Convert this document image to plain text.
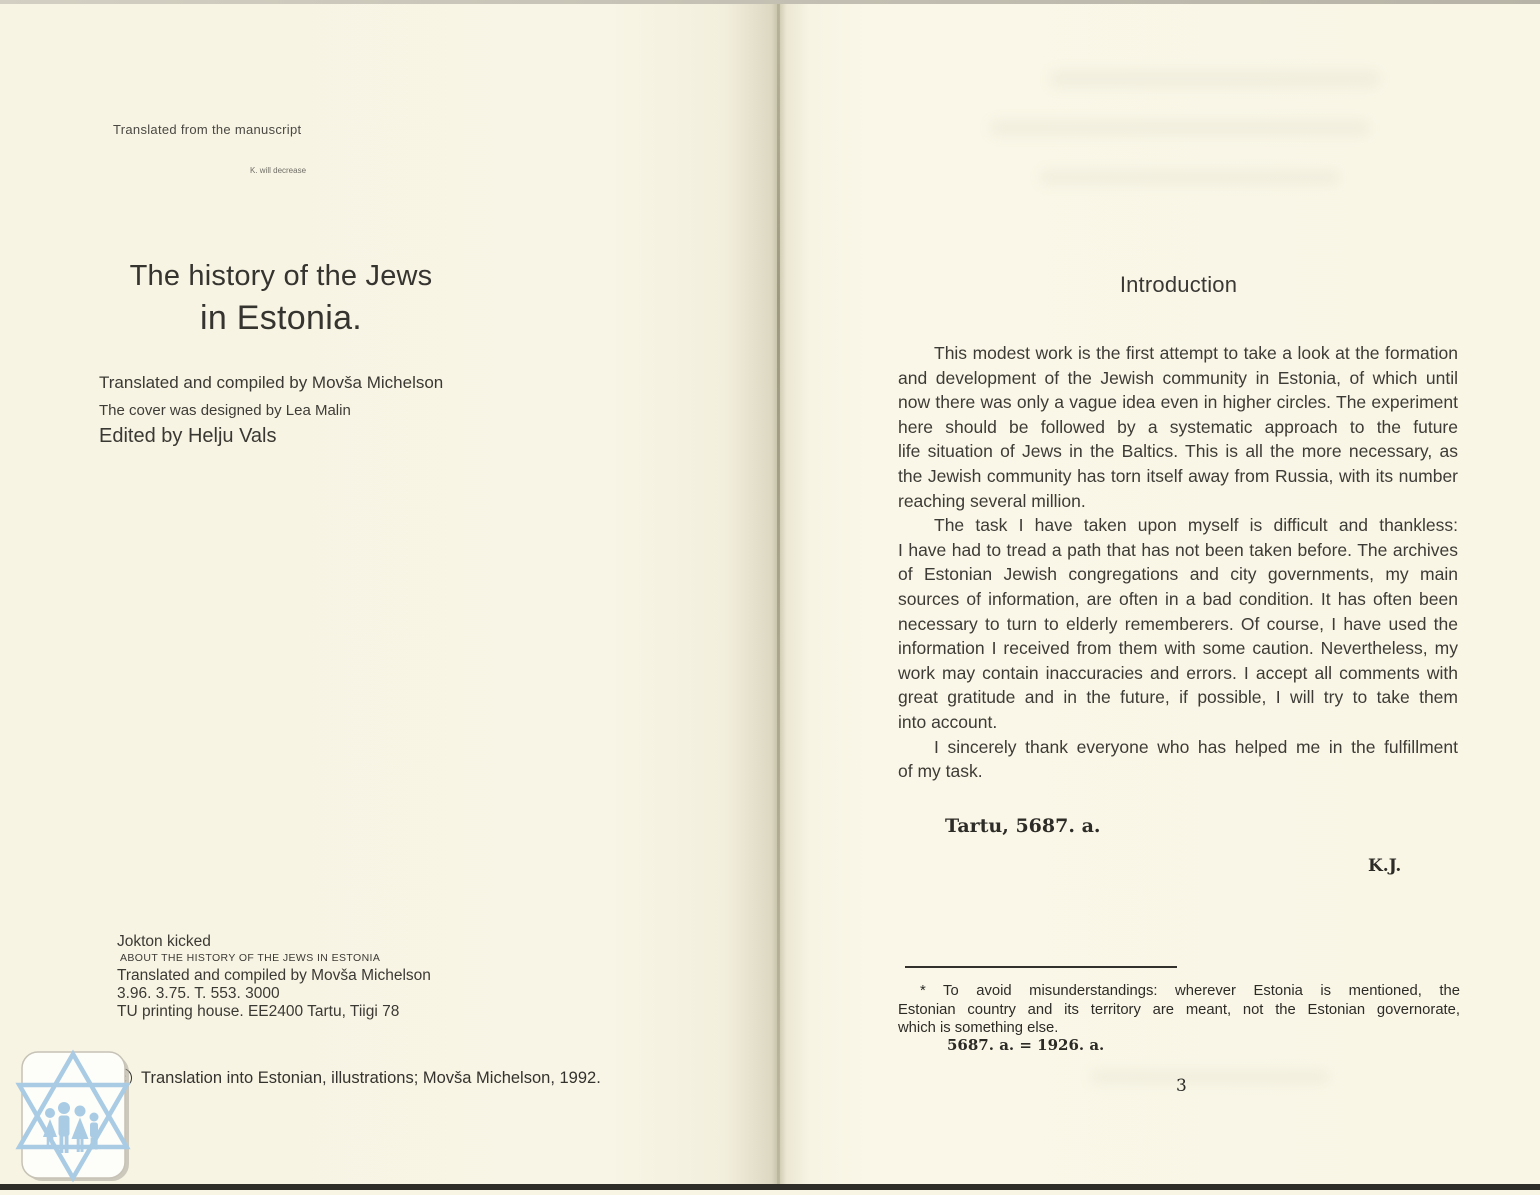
Translated from the manuscript
K. will decrease
The history of the Jews
in Estonia.
Translated and compiled by Movša Michelson
The cover was designed by Lea Malin
Edited by Helju Vals
Jokton kicked
ABOUT THE HISTORY OF THE JEWS IN ESTONIA
Translated and compiled by Movša Michelson
3.96. 3.75. T. 553. 3000
TU printing house. EE2400 Tartu, Tiigi 78
Translation into Estonian, illustrations; Movša Michelson, 1992.
Introduction
This modest work is the first attempt to take a look at the formation
and development of the Jewish community in Estonia, of which until
now there was only a vague idea even in higher circles. The experiment
here should be followed by a systematic approach to the future
life situation of Jews in the Baltics. This is all the more necessary, as
the Jewish community has torn itself away from Russia, with its number
reaching several million.
The task I have taken upon myself is difficult and thankless:
I have had to tread a path that has not been taken before. The archives
of Estonian Jewish congregations and city governments, my main
sources of information, are often in a bad condition. It has often been
necessary to turn to elderly rememberers. Of course, I have used the
information I received from them with some caution. Nevertheless, my
work may contain inaccuracies and errors. I accept all comments with
great gratitude and in the future, if possible, I will try to take them
into account.
I sincerely thank everyone who has helped me in the fulfillment
of my task.
Tartu, 5687. a.
K.J.
* To avoid misunderstandings: wherever Estonia is mentioned, the
Estonian country and its territory are meant, not the Estonian governorate,
which is something else.
5687. a. = 1926. a.
3
